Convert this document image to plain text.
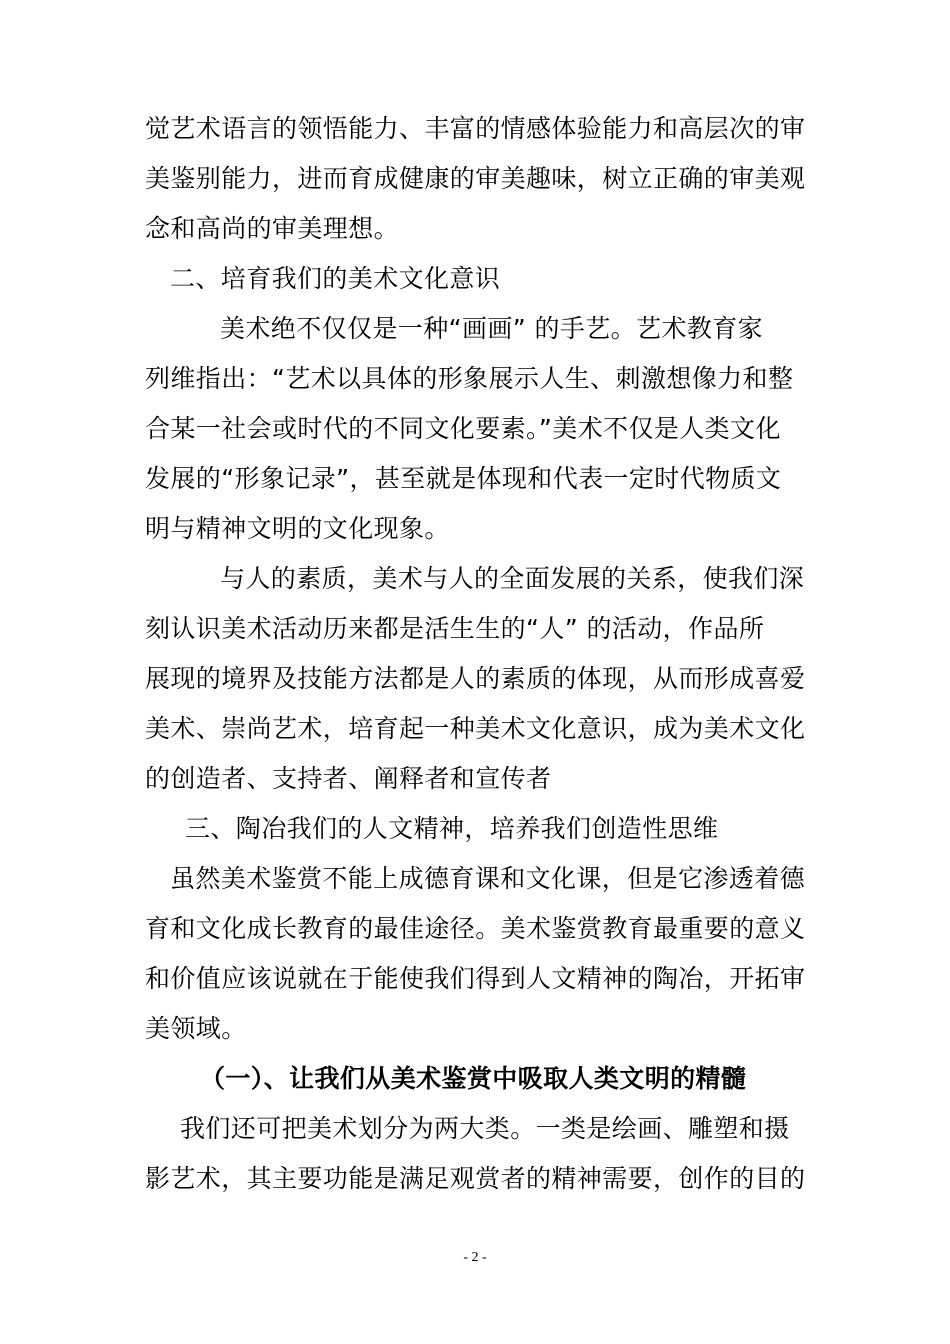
觉艺术语言的领悟能力、丰富的情感体验能力和高层次的审
美鉴别能力，进而育成健康的审美趣味，树立正确的审美观
念和高尚的审美理想。
二、培育我们的美术文化意识
美术绝不仅仅是一种“画画” 的手艺。艺术教育家
列维指出：“艺术以具体的形象展示人生、刺激想像力和整
合某一社会或时代的不同文化要素。”美术不仅是人类文化
发展的“形象记录”，甚至就是体现和代表一定时代物质文
明与精神文明的文化现象。
与人的素质，美术与人的全面发展的关系，使我们深
刻认识美术活动历来都是活生生的“人” 的活动，作品所
展现的境界及技能方法都是人的素质的体现，从而形成喜爱
美术、崇尚艺术，培育起一种美术文化意识，成为美术文化
的创造者、支持者、阐释者和宣传者
三、陶冶我们的人文精神，培养我们创造性思维
虽然美术鉴赏不能上成德育课和文化课，但是它渗透着德
育和文化成长教育的最佳途径。美术鉴赏教育最重要的意义
和价值应该说就在于能使我们得到人文精神的陶冶，开拓审
美领域。
（一）、让我们从美术鉴赏中吸取人类文明的精髓
我们还可把美术划分为两大类。一类是绘画、雕塑和摄
影艺术，其主要功能是满足观赏者的精神需要，创作的目的
- 2 -
